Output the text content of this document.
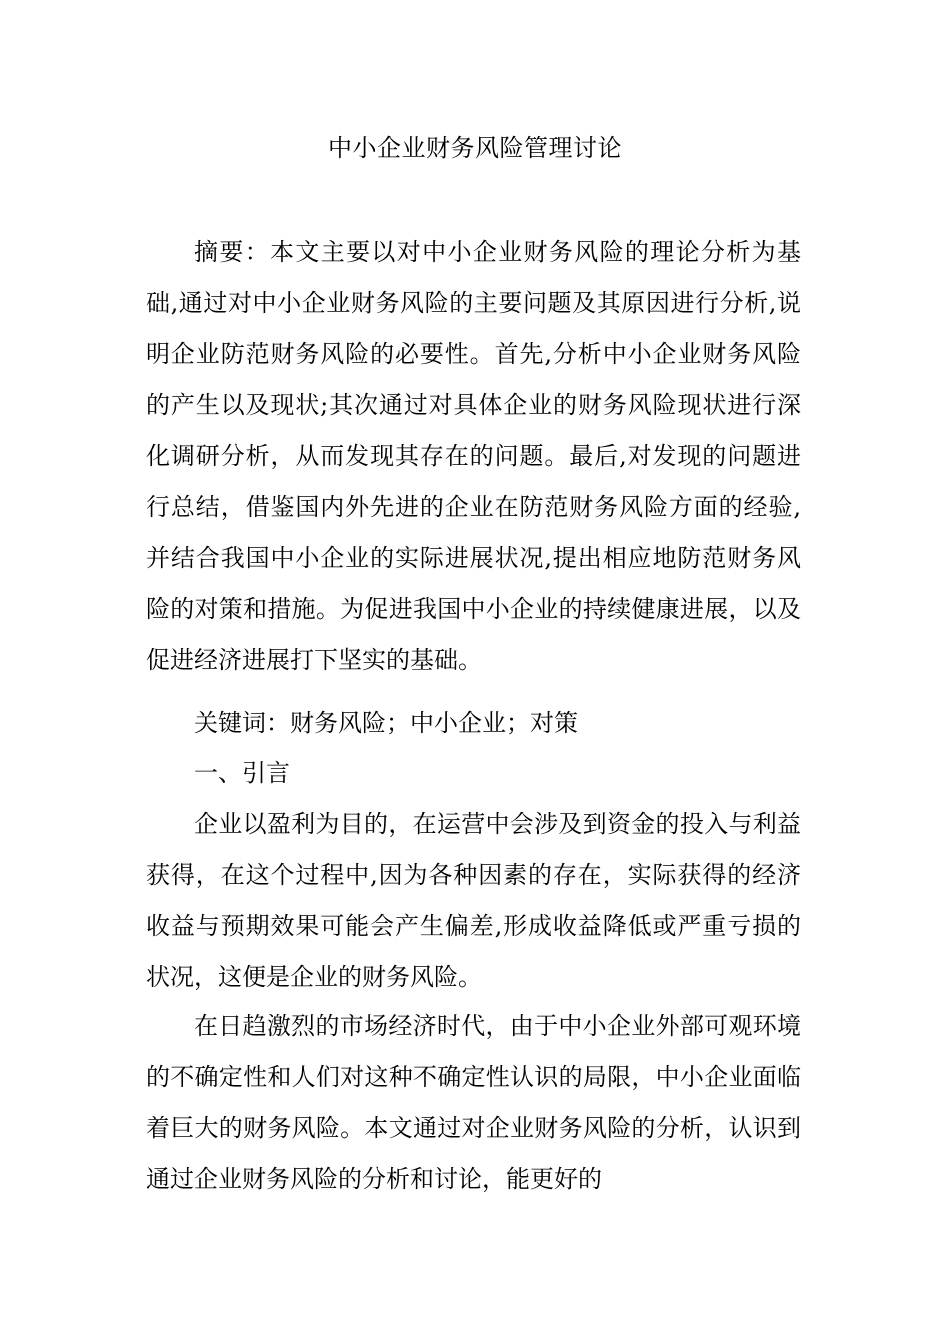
中小企业财务风险管理讨论

摘要：本文主要以对中小企业财务风险的理论分析为基础,通过对中小企业财务风险的主要问题及其原因进行分析,说明企业防范财务风险的必要性。首先,分析中小企业财务风险的产生以及现状;其次通过对具体企业的财务风险现状进行深化调研分析，从而发现其存在的问题。最后,对发现的问题进行总结，借鉴国内外先进的企业在防范财务风险方面的经验,并结合我国中小企业的实际进展状况,提出相应地防范财务风险的对策和措施。为促进我国中小企业的持续健康进展，以及促进经济进展打下坚实的基础。

关键词：财务风险；中小企业；对策

一、引言

企业以盈利为目的，在运营中会涉及到资金的投入与利益获得，在这个过程中,因为各种因素的存在，实际获得的经济收益与预期效果可能会产生偏差,形成收益降低或严重亏损的状况，这便是企业的财务风险。

在日趋激烈的市场经济时代，由于中小企业外部可观环境的不确定性和人们对这种不确定性认识的局限，中小企业面临着巨大的财务风险。本文通过对企业财务风险的分析，认识到通过企业财务风险的分析和讨论，能更好的
